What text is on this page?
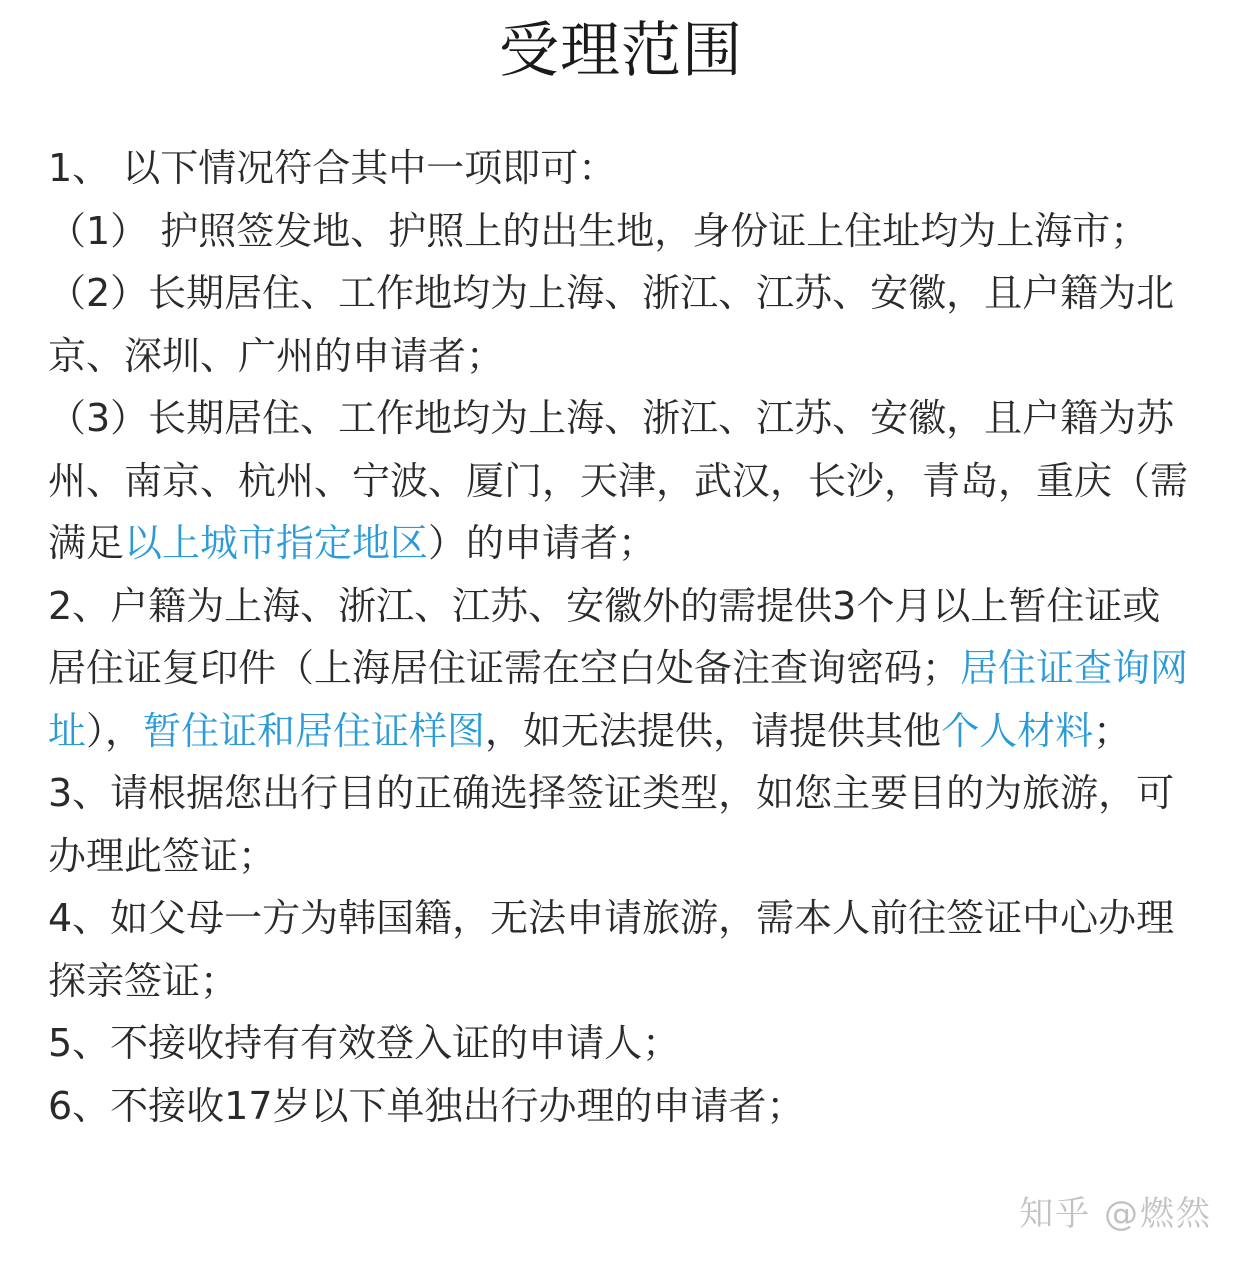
受理范围

1、 以下情况符合其中一项即可：

（1） 护照签发地、护照上的出生地，身份证上住址均为上海市；

（2）长期居住、工作地均为上海、浙江、江苏、安徽，且户籍为北京、深圳、广州的申请者；

（3）长期居住、工作地均为上海、浙江、江苏、安徽，且户籍为苏州、南京、杭州、宁波、厦门，天津，武汉，长沙，青岛，重庆（需满足以上城市指定地区）的申请者；

2、户籍为上海、浙江、江苏、安徽外的需提供3个月以上暂住证或居住证复印件（上海居住证需在空白处备注查询密码；居住证查询网址），暂住证和居住证样图，如无法提供，请提供其他个人材料；

3、请根据您出行目的正确选择签证类型，如您主要目的为旅游，可办理此签证；

4、如父母一方为韩国籍，无法申请旅游，需本人前往签证中心办理探亲签证；

5、不接收持有有效登入证的申请人；

6、不接收17岁以下单独出行办理的申请者；

知乎 @燃然
